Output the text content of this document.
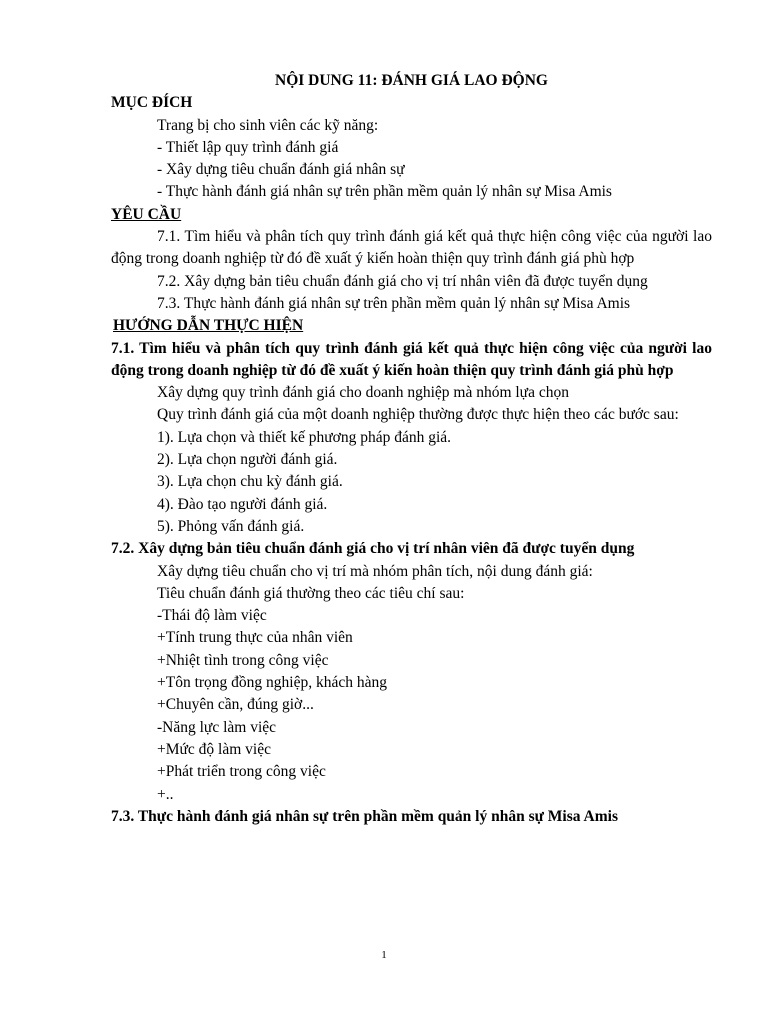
NỘI DUNG 11: ĐÁNH GIÁ LAO ĐỘNG
MỤC ĐÍCH
Trang bị cho sinh viên các kỹ năng:
- Thiết lập quy trình đánh giá
- Xây dựng tiêu chuẩn đánh giá nhân sự
- Thực hành đánh giá nhân sự trên phần mềm quản lý nhân sự Misa Amis
YÊU CẦU
7.1. Tìm hiểu và phân tích quy trình đánh giá kết quả thực hiện công việc của người lao động trong doanh nghiệp từ đó đề xuất ý kiến hoàn thiện quy trình đánh giá phù hợp
7.2. Xây dựng bản tiêu chuẩn đánh giá cho vị trí nhân viên đã được tuyển dụng
7.3. Thực hành đánh giá nhân sự trên phần mềm quản lý nhân sự Misa Amis
HƯỚNG DẪN THỰC HIỆN
7.1. Tìm hiểu và phân tích quy trình đánh giá kết quả thực hiện công việc của người lao động trong doanh nghiệp từ đó đề xuất ý kiến hoàn thiện quy trình đánh giá phù hợp
Xây dựng quy trình đánh giá cho doanh nghiệp mà nhóm lựa chọn
Quy trình đánh giá của một doanh nghiệp thường được thực hiện theo các bước sau:
1). Lựa chọn và thiết kế phương pháp đánh giá.
2). Lựa chọn người đánh giá.
3). Lựa chọn chu kỳ đánh giá.
4). Đào tạo người đánh giá.
5). Phỏng vấn đánh giá.
7.2. Xây dựng bản tiêu chuẩn đánh giá cho vị trí nhân viên đã được tuyển dụng
Xây dựng tiêu chuẩn cho vị trí mà nhóm phân tích, nội dung đánh giá:
Tiêu chuẩn đánh giá thường theo các tiêu chí sau:
-Thái độ làm việc
+Tính trung thực của nhân viên
+Nhiệt tình trong công việc
+Tôn trọng đồng nghiệp, khách hàng
+Chuyên cần, đúng giờ...
-Năng lực làm việc
+Mức độ làm việc
+Phát triển trong công việc
+..
7.3. Thực hành đánh giá nhân sự trên phần mềm quản lý nhân sự Misa Amis
1
